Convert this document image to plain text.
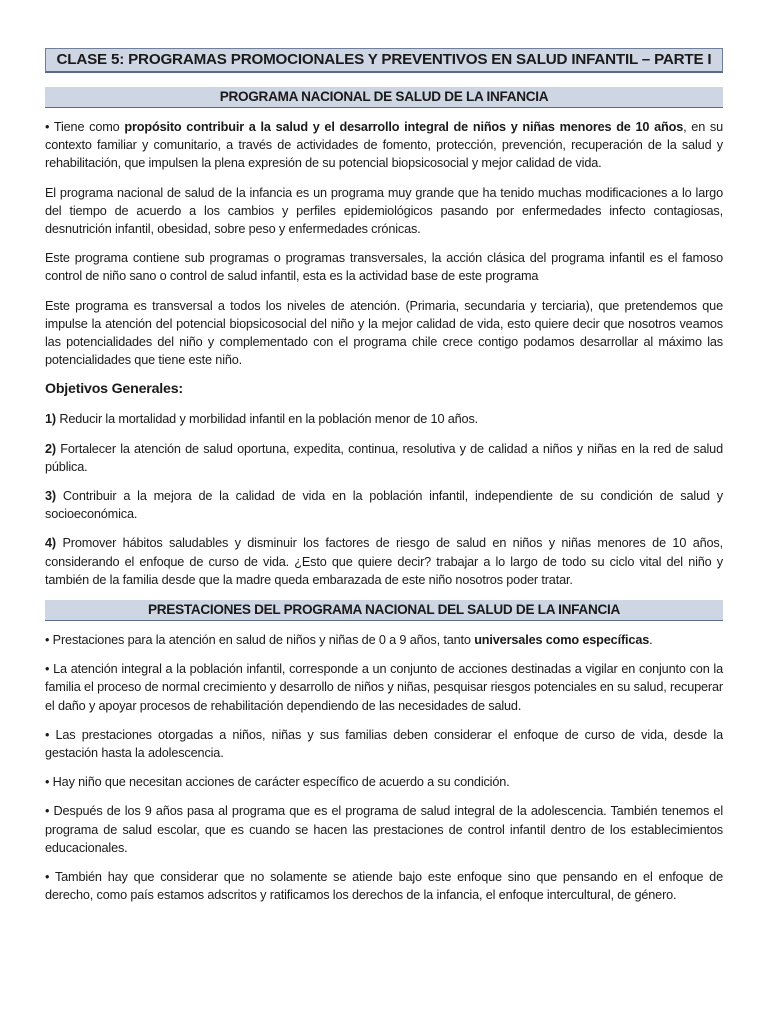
CLASE 5: PROGRAMAS PROMOCIONALES Y PREVENTIVOS EN SALUD INFANTIL – PARTE I
PROGRAMA NACIONAL DE SALUD DE LA INFANCIA

• Tiene como propósito contribuir a la salud y el desarrollo integral de niños y niñas menores de 10 años, en su contexto familiar y comunitario, a través de actividades de fomento, protección, prevención, recuperación de la salud y rehabilitación, que impulsen la plena expresión de su potencial biopsicosocial y mejor calidad de vida.

El programa nacional de salud de la infancia es un programa muy grande que ha tenido muchas modificaciones a lo largo del tiempo de acuerdo a los cambios y perfiles epidemiológicos pasando por enfermedades infecto contagiosas, desnutrición infantil, obesidad, sobre peso y enfermedades crónicas.

Este programa contiene sub programas o programas transversales, la acción clásica del programa infantil es el famoso control de niño sano o control de salud infantil, esta es la actividad base de este programa

Este programa es transversal a todos los niveles de atención. (Primaria, secundaria y terciaria), que pretendemos que impulse la atención del potencial biopsicosocial del niño y la mejor calidad de vida, esto quiere decir que nosotros veamos las potencialidades del niño y complementado con el programa chile crece contigo podamos desarrollar al máximo las potencialidades que tiene este niño.

Objetivos Generales:

1) Reducir la mortalidad y morbilidad infantil en la población menor de 10 años.

2) Fortalecer la atención de salud oportuna, expedita, continua, resolutiva y de calidad a niños y niñas en la red de salud pública.

3) Contribuir a la mejora de la calidad de vida en la población infantil, independiente de su condición de salud y socioeconómica.

4) Promover hábitos saludables y disminuir los factores de riesgo de salud en niños y niñas menores de 10 años, considerando el enfoque de curso de vida. ¿Esto que quiere decir? trabajar a lo largo de todo su ciclo vital del niño y también de la familia desde que la madre queda embarazada de este niño nosotros poder tratar.

PRESTACIONES DEL PROGRAMA NACIONAL DEL SALUD DE LA INFANCIA

• Prestaciones para la atención en salud de niños y niñas de 0 a 9 años, tanto universales como específicas.

• La atención integral a la población infantil, corresponde a un conjunto de acciones destinadas a vigilar en conjunto con la familia el proceso de normal crecimiento y desarrollo de niños y niñas, pesquisar riesgos potenciales en su salud, recuperar el daño y apoyar procesos de rehabilitación dependiendo de las necesidades de salud.

• Las prestaciones otorgadas a niños, niñas y sus familias deben considerar el enfoque de curso de vida, desde la gestación hasta la adolescencia.

• Hay niño que necesitan acciones de carácter específico de acuerdo a su condición.

• Después de los 9 años pasa al programa que es el programa de salud integral de la adolescencia. También tenemos el programa de salud escolar, que es cuando se hacen las prestaciones de control infantil dentro de los establecimientos educacionales.

• También hay que considerar que no solamente se atiende bajo este enfoque sino que pensando en el enfoque de derecho, como país estamos adscritos y ratificamos los derechos de la infancia, el enfoque intercultural, de género.
